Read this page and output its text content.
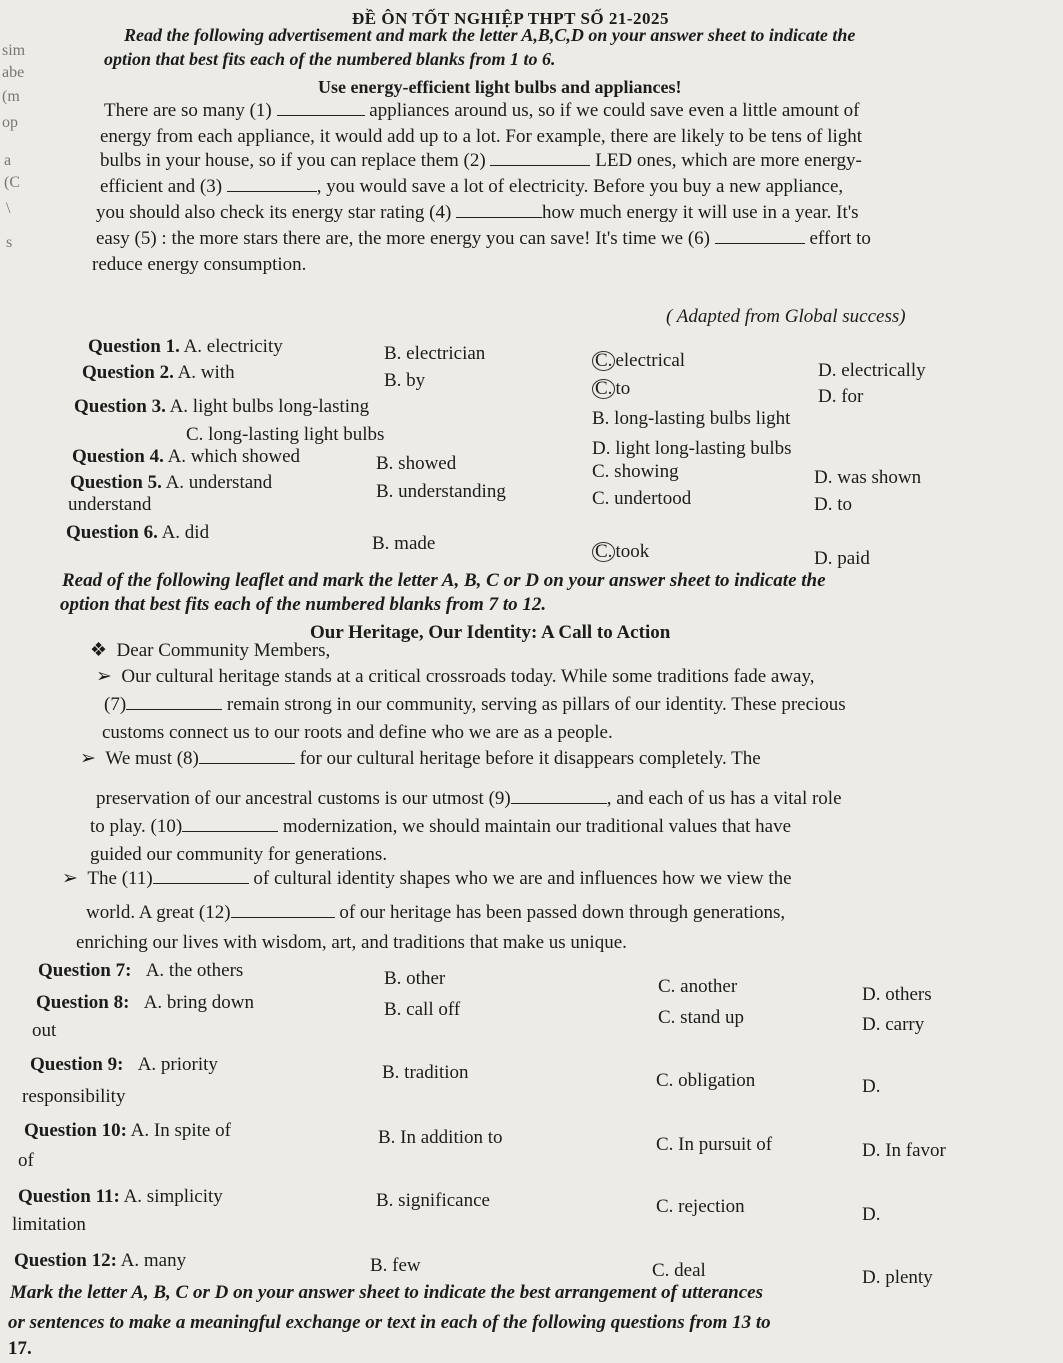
ĐỀ ÔN TỐT NGHIỆP THPT SỐ 21-2025
sim
abe
(m
op
a
(C
\
s
Read the following advertisement and mark the letter A,B,C,D on your answer sheet to indicate the
option that best fits each of the numbered blanks from 1 to 6.
Use energy-efficient light bulbs and appliances!
There are so many (1)	appliances around us, so if we could save even a little amount of
energy from each appliance, it would add up to a lot. For example, there are likely to be tens of light
bulbs in your house, so if you can replace them (2)	LED ones, which are more energy-
efficient and (3)	, you would save a lot of electricity. Before you buy a new appliance,
you should also check its energy star rating (4)	how much energy it will use in a year. It's
easy (5) : the more stars there are, the more energy you can save! It's time we (6)	effort to
reduce energy consumption.
( Adapted from Global success)
Question 1. A. electricity	B. electrician	C. electrical	D. electrically
Question 2. A. with	B. by	C. to	D. for
Question 3. A. light bulbs long-lasting
B. long-lasting bulbs light
C. long-lasting light bulbs
D. light long-lasting bulbs
Question 4. A. which showed	B. showed	C. showing	D. was shown
Question 5. A. understand	B. understanding	C. undertood	D. to
understand
Question 6. A. did
B. made	C. took	D. paid
Read of the following leaflet and mark the letter A, B, C or D on your answer sheet to indicate the
option that best fits each of the numbered blanks from 7 to 12.
Our Heritage, Our Identity: A Call to Action
❖ Dear Community Members,
➢ Our cultural heritage stands at a critical crossroads today. While some traditions fade away,
(7)	remain strong in our community, serving as pillars of our identity. These precious
customs connect us to our roots and define who we are as a people.
➢ We must (8)	for our cultural heritage before it disappears completely. The
preservation of our ancestral customs is our utmost (9)	, and each of us has a vital role
to play. (10)	modernization, we should maintain our traditional values that have
guided our community for generations.
➢ The (11)	of cultural identity shapes who we are and influences how we view the
world. A great (12)	of our heritage has been passed down through generations,
enriching our lives with wisdom, art, and traditions that make us unique.
Question 7: A. the others	B. other	C. another	D. others
Question 8: A. bring down	B. call off	C. stand up	D. carry
out
Question 9: A. priority	B. tradition	C. obligation	D.
responsibility
Question 10: A. In spite of	B. In addition to	C. In pursuit of	D. In favor
of
Question 11: A. simplicity	B. significance	C. rejection	D.
limitation
Question 12: A. many	B. few	C. deal	D. plenty
Mark the letter A, B, C or D on your answer sheet to indicate the best arrangement of utterances
or sentences to make a meaningful exchange or text in each of the following questions from 13 to
17.
